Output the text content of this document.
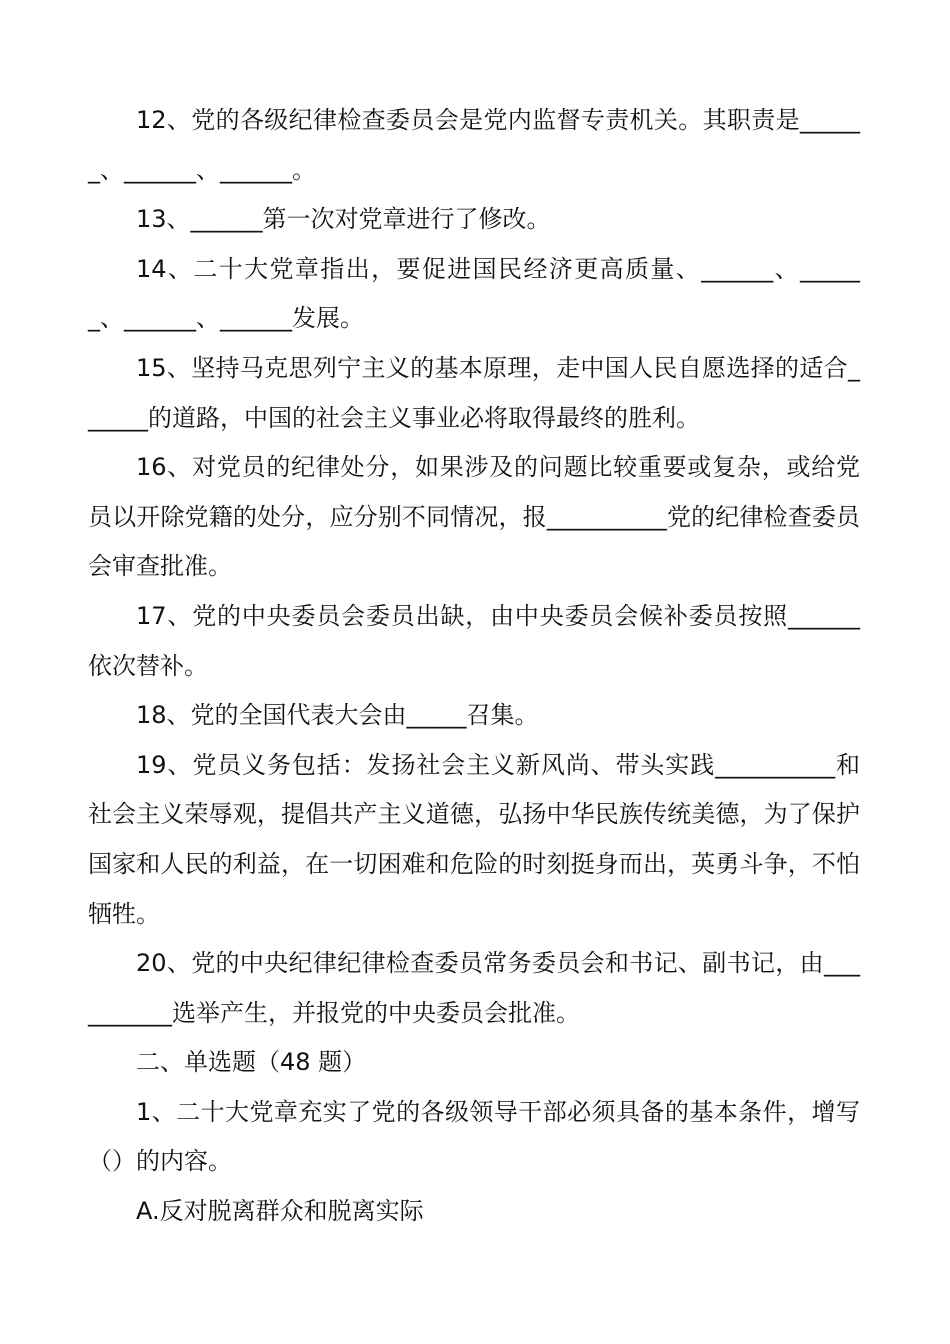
12、党的各级纪律检查委员会是党内监督专责机关。其职责是______、______、______。

13、______第一次对党章进行了修改。

14、二十大党章指出，要促进国民经济更高质量、______、______、______、______发展。

15、坚持马克思列宁主义的基本原理，走中国人民自愿选择的适合______的道路，中国的社会主义事业必将取得最终的胜利。

16、对党员的纪律处分，如果涉及的问题比较重要或复杂，或给党员以开除党籍的处分，应分别不同情况，报__________党的纪律检查委员会审查批准。

17、党的中央委员会委员出缺，由中央委员会候补委员按照______依次替补。

18、党的全国代表大会由_____召集。

19、党员义务包括：发扬社会主义新风尚、带头实践__________和社会主义荣辱观，提倡共产主义道德，弘扬中华民族传统美德，为了保护国家和人民的利益，在一切困难和危险的时刻挺身而出，英勇斗争，不怕牺牲。

20、党的中央纪律纪律检查委员常务委员会和书记、副书记，由__________选举产生，并报党的中央委员会批准。

二、单选题（48 题）

1、二十大党章充实了党的各级领导干部必须具备的基本条件，增写（）的内容。

A.反对脱离群众和脱离实际
